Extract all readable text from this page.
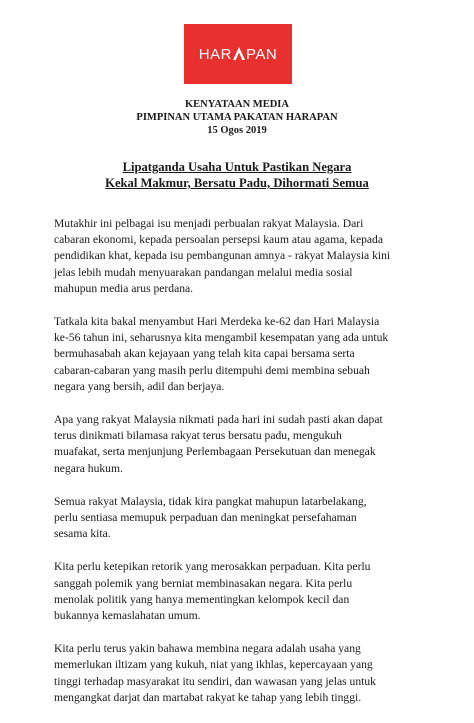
HAR PAN
KENYATAAN MEDIA
PIMPINAN UTAMA PAKATAN HARAPAN
15 Ogos 2019
Lipatganda Usaha Untuk Pastikan Negara
Kekal Makmur, Bersatu Padu, Dihormati Semua

Mutakhir ini pelbagai isu menjadi perbualan rakyat Malaysia. Dari
cabaran ekonomi, kepada persoalan persepsi kaum atau agama, kepada
pendidikan khat, kepada isu pembangunan amnya - rakyat Malaysia kini
jelas lebih mudah menyuarakan pandangan melalui media sosial
mahupun media arus perdana.

Tatkala kita bakal menyambut Hari Merdeka ke-62 dan Hari Malaysia
ke-56 tahun ini, seharusnya kita mengambil kesempatan yang ada untuk
bermuhasabah akan kejayaan yang telah kita capai bersama serta
cabaran-cabaran yang masih perlu ditempuhi demi membina sebuah
negara yang bersih, adil dan berjaya.

Apa yang rakyat Malaysia nikmati pada hari ini sudah pasti akan dapat
terus dinikmati bilamasa rakyat terus bersatu padu, mengukuh
muafakat, serta menjunjung Perlembagaan Persekutuan dan menegak
negara hukum.

Semua rakyat Malaysia, tidak kira pangkat mahupun latarbelakang,
perlu sentiasa memupuk perpaduan dan meningkat persefahaman
sesama kita.

Kita perlu ketepikan retorik yang merosakkan perpaduan. Kita perlu
sanggah polemik yang berniat membinasakan negara. Kita perlu
menolak politik yang hanya mementingkan kelompok kecil dan
bukannya kemaslahatan umum.

Kita perlu terus yakin bahawa membina negara adalah usaha yang
memerlukan iltizam yang kukuh, niat yang ikhlas, kepercayaan yang
tinggi terhadap masyarakat itu sendiri, dan wawasan yang jelas untuk
mengangkat darjat dan martabat rakyat ke tahap yang lebih tinggi.
